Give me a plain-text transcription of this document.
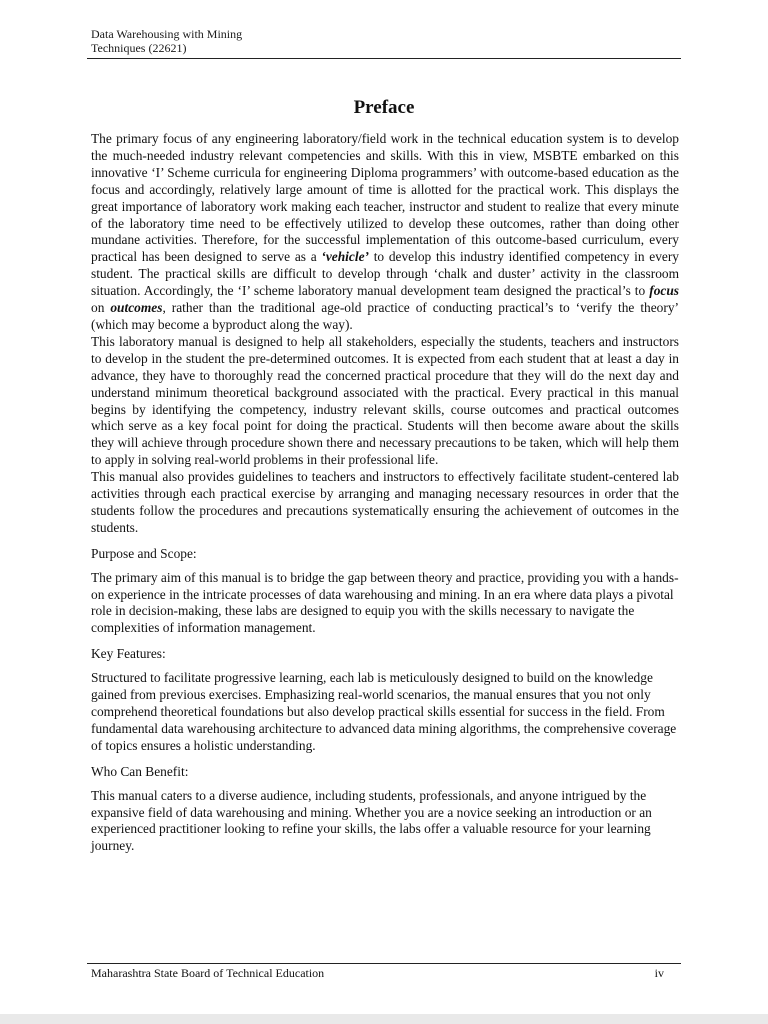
Data Warehousing with Mining
Techniques (22621)
Preface

The primary focus of any engineering laboratory/field work in the technical education system is to develop the much-needed industry relevant competencies and skills. With this in view, MSBTE embarked on this innovative ‘I’ Scheme curricula for engineering Diploma programmers’ with outcome-based education as the focus and accordingly, relatively large amount of time is allotted for the practical work. This displays the great importance of laboratory work making each teacher, instructor and student to realize that every minute of the laboratory time need to be effectively utilized to develop these outcomes, rather than doing other mundane activities. Therefore, for the successful implementation of this outcome-based curriculum, every practical has been designed to serve as a ‘vehicle’ to develop this industry identified competency in every student. The practical skills are difficult to develop through ‘chalk and duster’ activity in the classroom situation. Accordingly, the ‘I’ scheme laboratory manual development team designed the practical’s to focus on outcomes, rather than the traditional age-old practice of conducting practical’s to ‘verify the theory’ (which may become a byproduct along the way).

This laboratory manual is designed to help all stakeholders, especially the students, teachers and instructors to develop in the student the pre-determined outcomes. It is expected from each student that at least a day in advance, they have to thoroughly read the concerned practical procedure that they will do the next day and understand minimum theoretical background associated with the practical. Every practical in this manual begins by identifying the competency, industry relevant skills, course outcomes and practical outcomes which serve as a key focal point for doing the practical. Students will then become aware about the skills they will achieve through procedure shown there and necessary precautions to be taken, which will help them to apply in solving real-world problems in their professional life.

This manual also provides guidelines to teachers and instructors to effectively facilitate student-centered lab activities through each practical exercise by arranging and managing necessary resources in order that the students follow the procedures and precautions systematically ensuring the achievement of outcomes in the students.

Purpose and Scope:

The primary aim of this manual is to bridge the gap between theory and practice, providing you with a hands-on experience in the intricate processes of data warehousing and mining. In an era where data plays a pivotal role in decision-making, these labs are designed to equip you with the skills necessary to navigate the complexities of information management.

Key Features:

Structured to facilitate progressive learning, each lab is meticulously designed to build on the knowledge gained from previous exercises. Emphasizing real-world scenarios, the manual ensures that you not only comprehend theoretical foundations but also develop practical skills essential for success in the field. From fundamental data warehousing architecture to advanced data mining algorithms, the comprehensive coverage of topics ensures a holistic understanding.

Who Can Benefit:

This manual caters to a diverse audience, including students, professionals, and anyone intrigued by the expansive field of data warehousing and mining. Whether you are a novice seeking an introduction or an experienced practitioner looking to refine your skills, the labs offer a valuable resource for your learning journey.

Maharashtra State Board of Technical Education	iv
